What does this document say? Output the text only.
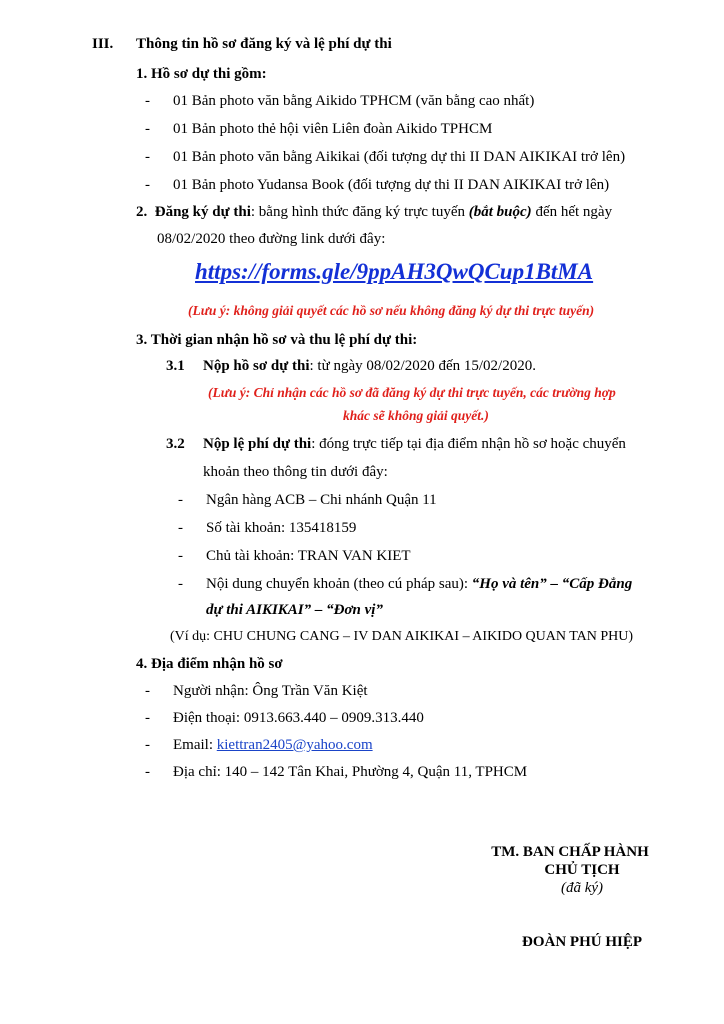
III. Thông tin hồ sơ đăng ký và lệ phí dự thi
1. Hồ sơ dự thi gồm:
- 01 Bản photo văn bằng Aikido TPHCM (văn bằng cao nhất)
- 01 Bản photo thẻ hội viên Liên đoàn Aikido TPHCM
- 01 Bản photo văn bằng Aikikai (đối tượng dự thi II DAN AIKIKAI trở lên)
- 01 Bản photo Yudansa Book (đối tượng dự thi II DAN AIKIKAI trở lên)
2. Đăng ký dự thi: bằng hình thức đăng ký trực tuyến (bắt buộc) đến hết ngày
08/02/2020 theo đường link dưới đây:
https://forms.gle/9ppAH3QwQCup1BtMA
(Lưu ý: không giải quyết các hồ sơ nếu không đăng ký dự thi trực tuyến)
3. Thời gian nhận hồ sơ và thu lệ phí dự thi:
3.1 Nộp hồ sơ dự thi: từ ngày 08/02/2020 đến 15/02/2020.
(Lưu ý: Chỉ nhận các hồ sơ đã đăng ký dự thi trực tuyến, các trường hợp
khác sẽ không giải quyết.)
3.2 Nộp lệ phí dự thi: đóng trực tiếp tại địa điểm nhận hồ sơ hoặc chuyển
khoản theo thông tin dưới đây:
- Ngân hàng ACB – Chi nhánh Quận 11
- Số tài khoản: 135418159
- Chủ tài khoản: TRAN VAN KIET
- Nội dung chuyển khoản (theo cú pháp sau): “Họ và tên” – “Cấp Đẳng
dự thi AIKIKAI” – “Đơn vị”
(Ví dụ: CHU CHUNG CANG – IV DAN AIKIKAI – AIKIDO QUAN TAN PHU)
4. Địa điểm nhận hồ sơ
- Người nhận: Ông Trần Văn Kiệt
- Điện thoại: 0913.663.440 – 0909.313.440
- Email: kiettran2405@yahoo.com
- Địa chỉ: 140 – 142 Tân Khai, Phường 4, Quận 11, TPHCM
TM. BAN CHẤP HÀNH
CHỦ TỊCH
(đã ký)
ĐOÀN PHÚ HIỆP
